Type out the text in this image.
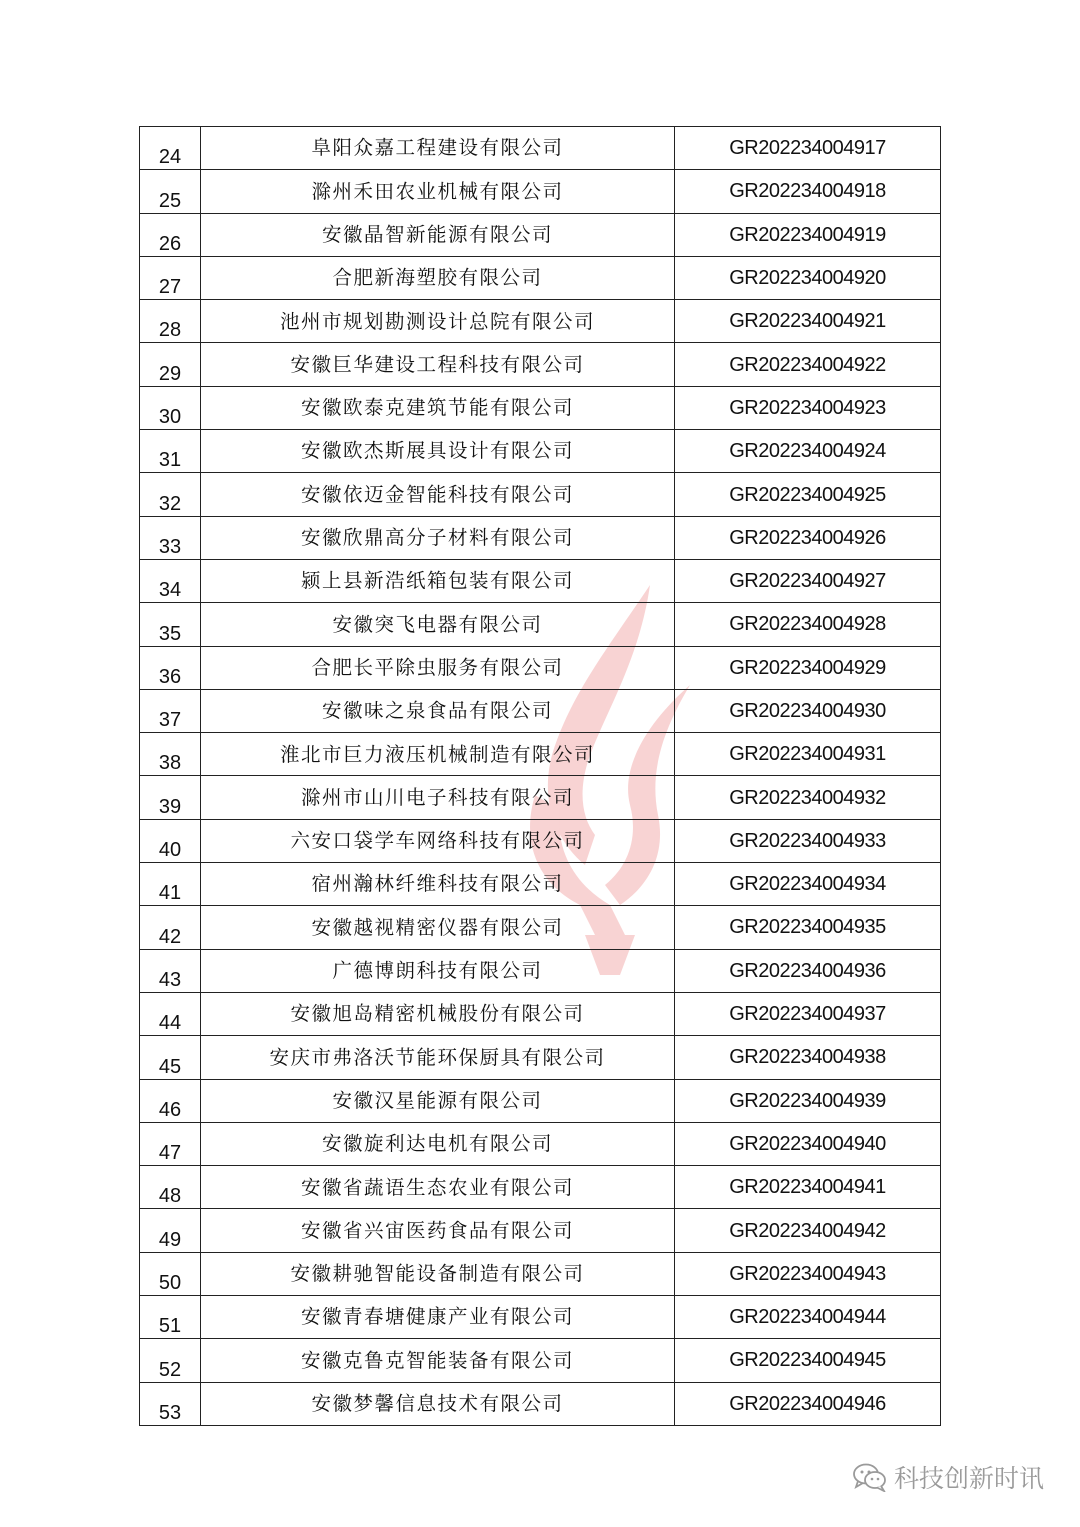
24	阜阳众嘉工程建设有限公司	GR202234004917
25	滁州禾田农业机械有限公司	GR202234004918
26	安徽晶智新能源有限公司	GR202234004919
27	合肥新海塑胶有限公司	GR202234004920
28	池州市规划勘测设计总院有限公司	GR202234004921
29	安徽巨华建设工程科技有限公司	GR202234004922
30	安徽欧泰克建筑节能有限公司	GR202234004923
31	安徽欧杰斯展具设计有限公司	GR202234004924
32	安徽依迈金智能科技有限公司	GR202234004925
33	安徽欣鼎高分子材料有限公司	GR202234004926
34	颍上县新浩纸箱包装有限公司	GR202234004927
35	安徽突飞电器有限公司	GR202234004928
36	合肥长平除虫服务有限公司	GR202234004929
37	安徽味之泉食品有限公司	GR202234004930
38	淮北市巨力液压机械制造有限公司	GR202234004931
39	滁州市山川电子科技有限公司	GR202234004932
40	六安口袋学车网络科技有限公司	GR202234004933
41	宿州瀚林纤维科技有限公司	GR202234004934
42	安徽越视精密仪器有限公司	GR202234004935
43	广德博朗科技有限公司	GR202234004936
44	安徽旭岛精密机械股份有限公司	GR202234004937
45	安庆市弗洛沃节能环保厨具有限公司	GR202234004938
46	安徽汉星能源有限公司	GR202234004939
47	安徽旋利达电机有限公司	GR202234004940
48	安徽省蔬语生态农业有限公司	GR202234004941
49	安徽省兴宙医药食品有限公司	GR202234004942
50	安徽耕驰智能设备制造有限公司	GR202234004943
51	安徽青春塘健康产业有限公司	GR202234004944
52	安徽克鲁克智能装备有限公司	GR202234004945
53	安徽梦馨信息技术有限公司	GR202234004946
科技创新时讯
